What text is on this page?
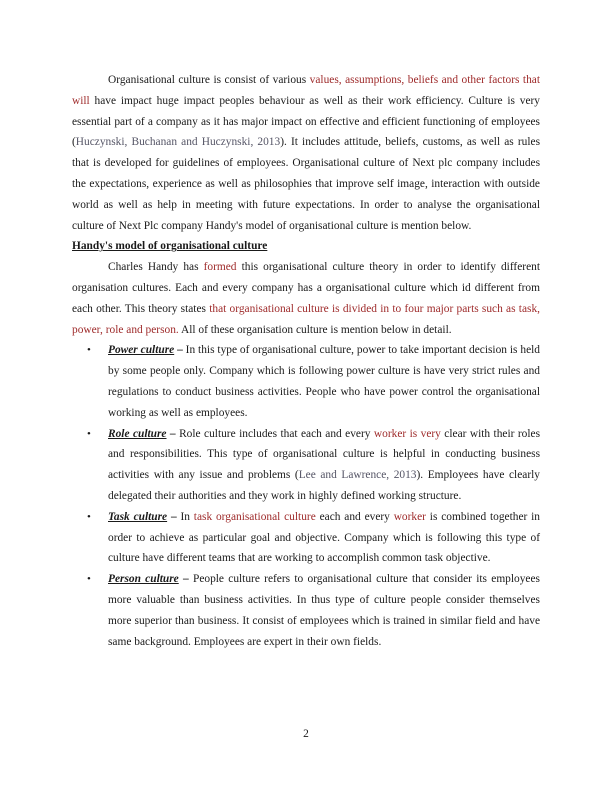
Organisational culture is consist of various values, assumptions, beliefs and other factors that will have impact huge impact peoples behaviour as well as their work efficiency. Culture is very essential part of a company as it has major impact on effective and efficient functioning of employees (Huczynski, Buchanan and Huczynski, 2013). It includes attitude, beliefs, customs, as well as rules that is developed for guidelines of employees. Organisational culture of Next plc company includes the expectations, experience as well as philosophies that improve self image, interaction with outside world as well as help in meeting with future expectations. In order to analyse the organisational culture of Next Plc company Handy's model of organisational culture is mention below.

Handy's model of organisational culture

Charles Handy has formed this organisational culture theory in order to identify different organisation cultures. Each and every company has a organisational culture which id different from each other. This theory states that organisational culture is divided in to four major parts such as task, power, role and person. All of these organisation culture is mention below in detail.

• Power culture – In this type of organisational culture, power to take important decision is held by some people only. Company which is following power culture is have very strict rules and regulations to conduct business activities. People who have power control the organisational working as well as employees.
• Role culture – Role culture includes that each and every worker is very clear with their roles and responsibilities. This type of organisational culture is helpful in conducting business activities with any issue and problems (Lee and Lawrence, 2013). Employees have clearly delegated their authorities and they work in highly defined working structure.
• Task culture – In task organisational culture each and every worker is combined together in order to achieve as particular goal and objective. Company which is following this type of culture have different teams that are working to accomplish common task objective.
• Person culture – People culture refers to organisational culture that consider its employees more valuable than business activities. In thus type of culture people consider themselves more superior than business. It consist of employees which is trained in similar field and have same background. Employees are expert in their own fields.
2
